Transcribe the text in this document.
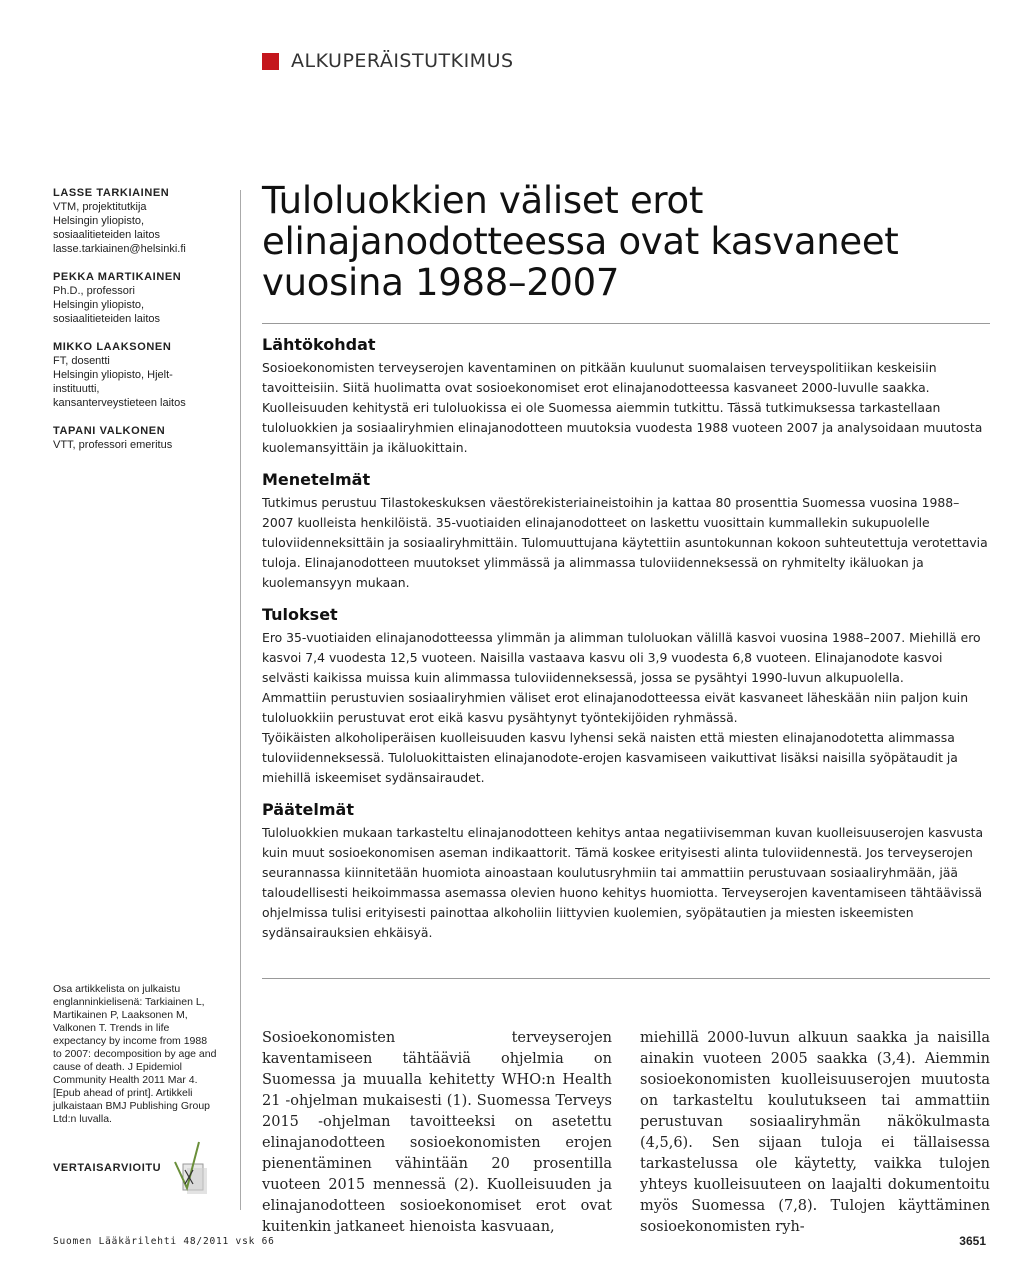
ALKUPERÄISTUTKIMUS
LASSE TARKIAINEN
VTM, projektitutkija
Helsingin yliopisto,
sosiaalitieteiden laitos
lasse.tarkiainen@helsinki.fi
PEKKA MARTIKAINEN
Ph.D., professori
Helsingin yliopisto,
sosiaalitieteiden laitos
MIKKO LAAKSONEN
FT, dosentti
Helsingin yliopisto, Hjelt-
instituutti,
kansanterveystieteen laitos
TAPANI VALKONEN
VTT, professori emeritus
Tuloluokkien väliset erot elinajanodotteessa ovat kasvaneet vuosina 1988–2007
Lähtökohdat

Sosioekonomisten terveyserojen kaventaminen on pitkään kuulunut suomalaisen terveyspolitiikan keskeisiin tavoitteisiin. Siitä huolimatta ovat sosioekonomiset erot elinajanodotteessa kasvaneet 2000-luvulle saakka. Kuolleisuuden kehitystä eri tuloluokissa ei ole Suomessa aiemmin tutkittu. Tässä tutkimuksessa tarkastellaan tuloluokkien ja sosiaaliryhmien elinajanodotteen muutoksia vuodesta 1988 vuoteen 2007 ja analysoidaan muutosta kuolemansyittäin ja ikäluokittain.

Menetelmät

Tutkimus perustuu Tilastokeskuksen väestörekisteriaineistoihin ja kattaa 80 prosenttia Suomessa vuosina 1988–2007 kuolleista henkilöistä. 35-vuotiaiden elinajanodotteet on laskettu vuosittain kummallekin sukupuolelle tuloviidenneksittäin ja sosiaaliryhmittäin. Tulomuuttujana käytettiin asuntokunnan kokoon suhteutettuja verotettavia tuloja. Elinajanodotteen muutokset ylimmässä ja alimmassa tuloviidenneksessä on ryhmitelty ikäluokan ja kuolemansyyn mukaan.

Tulokset

Ero 35-vuotiaiden elinajanodotteessa ylimmän ja alimman tuloluokan välillä kasvoi vuosina 1988–2007. Miehillä ero kasvoi 7,4 vuodesta 12,5 vuoteen. Naisilla vastaava kasvu oli 3,9 vuodesta 6,8 vuoteen. Elinajanodote kasvoi selvästi kaikissa muissa kuin alimmassa tuloviidenneksessä, jossa se pysähtyi 1990-luvun alkupuolella.
Ammattiin perustuvien sosiaaliryhmien väliset erot elinajanodotteessa eivät kasvaneet läheskään niin paljon kuin tuloluokkiin perustuvat erot eikä kasvu pysähtynyt työntekijöiden ryhmässä.
Työikäisten alkoholiperäisen kuolleisuuden kasvu lyhensi sekä naisten että miesten elinajanodotetta alimmassa tuloviidenneksessä. Tuloluokittaisten elinajanodote-erojen kasvamiseen vaikuttivat lisäksi naisilla syöpätaudit ja miehillä iskeemiset sydänsairaudet.

Päätelmät

Tuloluokkien mukaan tarkasteltu elinajanodotteen kehitys antaa negatiivisemman kuvan kuolleisuuserojen kasvusta kuin muut sosioekonomisen aseman indikaattorit. Tämä koskee erityisesti alinta tuloviidennestä. Jos terveyserojen seurannassa kiinnitetään huomiota ainoastaan koulutusryhmiin tai ammattiin perustuvaan sosiaaliryhmään, jää taloudellisesti heikoimmassa asemassa olevien huono kehitys huomiotta. Terveyserojen kaventamiseen tähtäävissä ohjelmissa tulisi erityisesti painottaa alkoholiin liittyvien kuolemien, syöpätautien ja miesten iskeemisten sydänsairauksien ehkäisyä.

Osa artikkelista on julkaistu englanninkielisenä: Tarkiainen L, Martikainen P, Laaksonen M, Valkonen T. Trends in life expectancy by income from 1988 to 2007: decomposition by age and cause of death. J Epidemiol Community Health 2011 Mar 4. [Epub ahead of print]. Artikkeli julkaistaan BMJ Publishing Group Ltd:n luvalla.
VERTAISARVIOITU
Sosioekonomisten terveyserojen kaventamiseen tähtääviä ohjelmia on Suomessa ja muualla kehitetty WHO:n Health 21 -ohjelman mukaisesti (1). Suomessa Terveys 2015 -ohjelman tavoitteeksi on asetettu elinajanodotteen sosioekonomisten erojen pienentäminen vähintään 20 prosentilla vuoteen 2015 mennessä (2). Kuolleisuuden ja elinajanodotteen sosioekonomiset erot ovat kuitenkin jatkaneet hienoista kasvuaan,
miehillä 2000-luvun alkuun saakka ja naisilla ainakin vuoteen 2005 saakka (3,4). Aiemmin sosioekonomisten kuolleisuuserojen muutosta on tarkasteltu koulutukseen tai ammattiin perustuvan sosiaaliryhmän näkökulmasta (4,5,6). Sen sijaan tuloja ei tällaisessa tarkastelussa ole käytetty, vaikka tulojen yhteys kuolleisuuteen on laajalti dokumentoitu myös Suomessa (7,8). Tulojen käyttäminen sosioekonomisten ryh-
Suomen Lääkärilehti 48/2011 vsk 66	3651
